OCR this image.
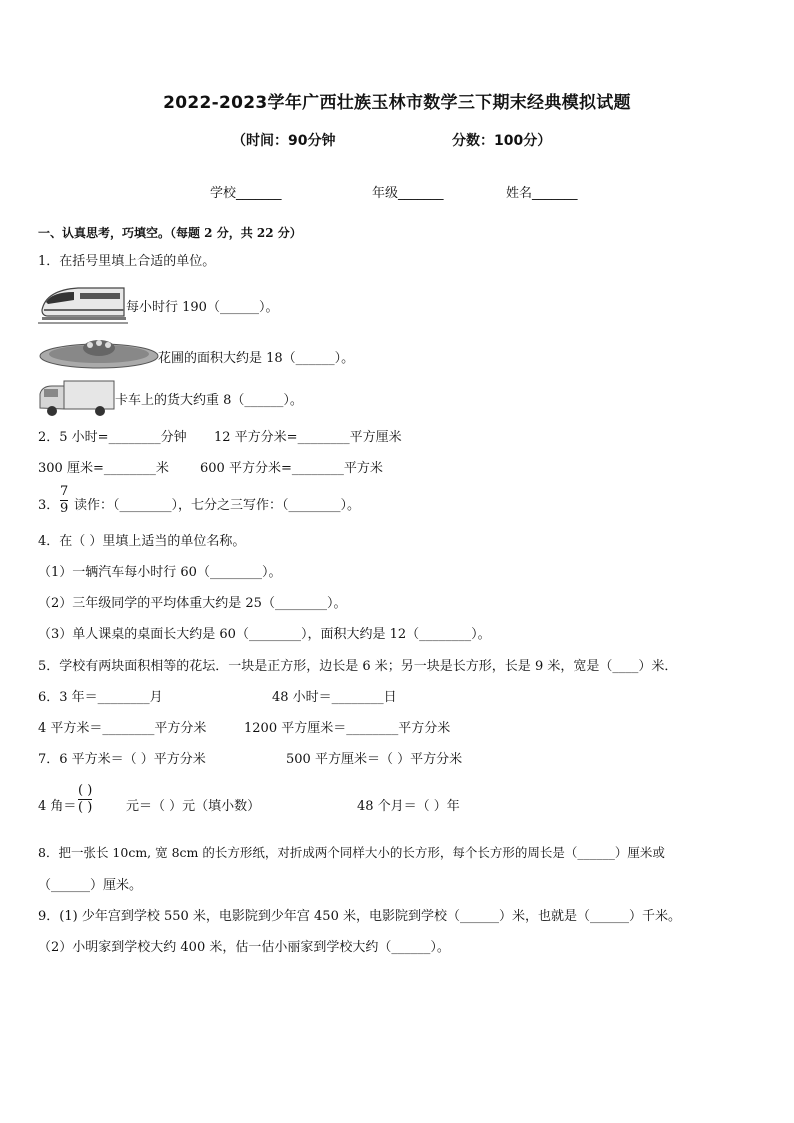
2022-2023学年广西壮族玉林市数学三下期末经典模拟试题
（时间：90分钟	分数：100分）
学校_______	年级_______	姓名_______
一、认真思考，巧填空。（每题 2 分，共 22 分）
1．在括号里填上合适的单位。
每小时行 190（______）。
花圃的面积大约是 18（______）。
卡车上的货大约重 8（______）。
2．5 小时=________分钟 12 平方分米=________平方厘米
300 厘米=________米 600 平方分米=________平方米
3．
7
9 读作：（________），七分之三写作：（________）。
4．在（ ）里填上适当的单位名称。
（1）一辆汽车每小时行 60（________）。
（2）三年级同学的平均体重大约是 25（________）。
（3）单人课桌的桌面长大约是 60（________），面积大约是 12（________）。
5．学校有两块面积相等的花坛．一块是正方形，边长是 6 米；另一块是长方形，长是 9 米，宽是（____）米．
6．3 年＝________月	48 小时＝________日
4 平方米＝________平方分米	1200 平方厘米＝________平方分米
7．6 平方米＝（ ）平方分米	500 平方厘米＝（ ）平方分米
4 角＝
( )
( )	元＝（ ）元（填小数）	48 个月＝（ ）年
8．把一张长 10cm, 宽 8cm 的长方形纸，对折成两个同样大小的长方形，每个长方形的周长是（______）厘米或
（______）厘米。
9．(1) 少年宫到学校 550 米，电影院到少年宫 450 米，电影院到学校（______）米，也就是（______）千米。
（2）小明家到学校大约 400 米，估一估小丽家到学校大约（______）。
